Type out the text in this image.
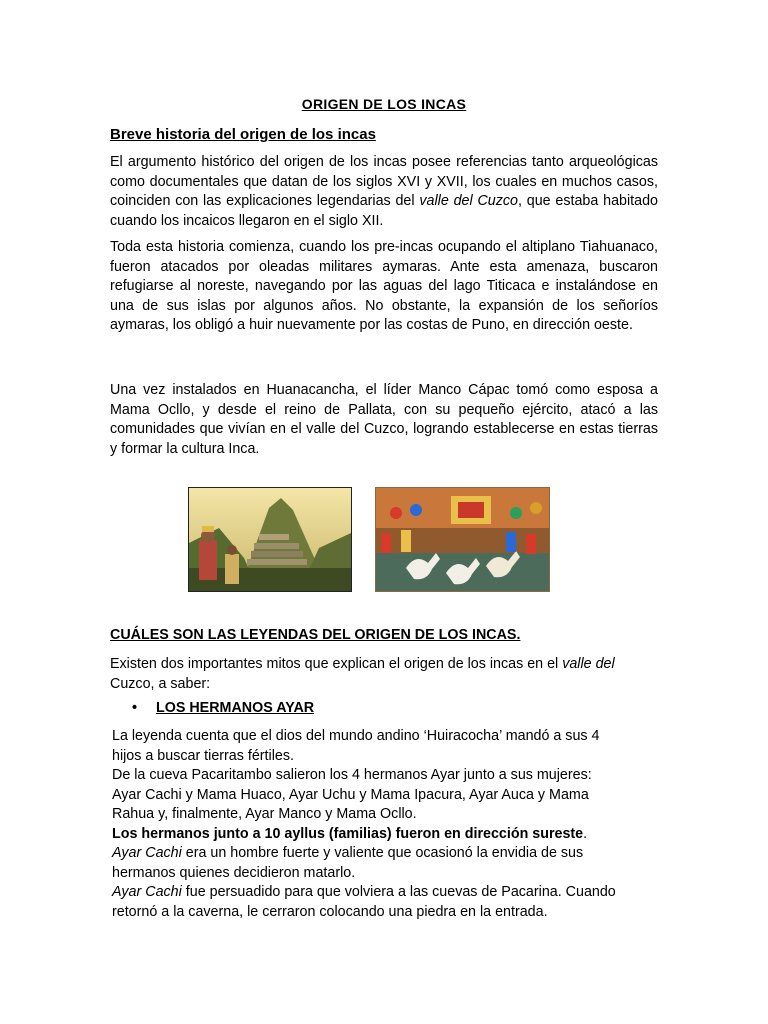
ORIGEN DE LOS INCAS
Breve historia del origen de los incas
El argumento histórico del origen de los incas posee referencias tanto arqueológicas como documentales que datan de los siglos XVI y XVII, los cuales en muchos casos, coinciden con las explicaciones legendarias del valle del Cuzco, que estaba habitado cuando los incaicos llegaron en el siglo XII.
Toda esta historia comienza, cuando los pre-incas ocupando el altiplano Tiahuanaco, fueron atacados por oleadas militares aymaras. Ante esta amenaza, buscaron refugiarse al noreste, navegando por las aguas del lago Titicaca e instalándose en una de sus islas por algunos años. No obstante, la expansión de los señoríos aymaras, los obligó a huir nuevamente por las costas de Puno, en dirección oeste.
Una vez instalados en Huanacancha, el líder Manco Cápac tomó como esposa a Mama Ocllo, y desde el reino de Pallata, con su pequeño ejército, atacó a las comunidades que vivían en el valle del Cuzco, logrando establecerse en estas tierras y formar la cultura Inca.
CUÁLES SON LAS LEYENDAS DEL ORIGEN DE LOS INCAS.
Existen dos importantes mitos que explican el origen de los incas en el valle del
Cuzco, a saber:
• LOS HERMANOS AYAR
La leyenda cuenta que el dios del mundo andino ‘Huiracocha’ mandó a sus 4
hijos a buscar tierras fértiles.
De la cueva Pacaritambo salieron los 4 hermanos Ayar junto a sus mujeres:
Ayar Cachi y Mama Huaco, Ayar Uchu y Mama Ipacura, Ayar Auca y Mama
Rahua y, finalmente, Ayar Manco y Mama Ocllo.
Los hermanos junto a 10 ayllus (familias) fueron en dirección sureste.
Ayar Cachi era un hombre fuerte y valiente que ocasionó la envidia de sus
hermanos quienes decidieron matarlo.
Ayar Cachi fue persuadido para que volviera a las cuevas de Pacarina. Cuando
retornó a la caverna, le cerraron colocando una piedra en la entrada.
